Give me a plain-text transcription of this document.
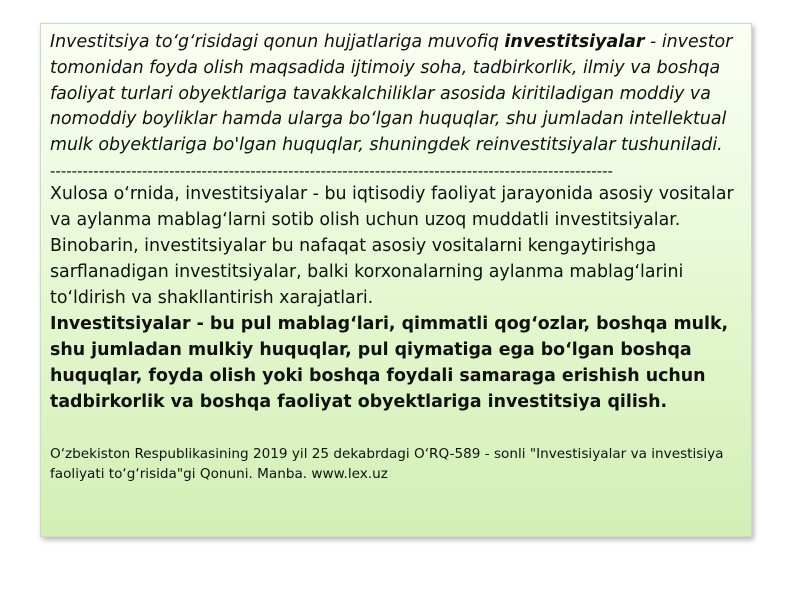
Investitsiya to‘g‘risidagi qonun hujjatlariga muvofiq investitsiyalar - investor tomonidan foyda olish maqsadida ijtimoiy soha, tadbirkorlik, ilmiy va boshqa faoliyat turlari obyektlariga tavakkalchiliklar asosida kiritiladigan moddiy va nomoddiy boyliklar hamda ularga bo‘lgan huquqlar, shu jumladan intellektual mulk obyektlariga bo'lgan huquqlar, shuningdek reinvestitsiyalar tushuniladi.

--------------------------------------------------------------------------------------------------------

Xulosa o‘rnida, investitsiyalar - bu iqtisodiy faoliyat jarayonida asosiy vositalar va aylanma mablag‘larni sotib olish uchun uzoq muddatli investitsiyalar. Binobarin, investitsiyalar bu nafaqat asosiy vositalarni kengaytirishga sarflanadigan investitsiyalar, balki korxonalarning aylanma mablag‘larini to‘ldirish va shakllantirish xarajatlari.

Investitsiyalar - bu pul mablag‘lari, qimmatli qog‘ozlar, boshqa mulk, shu jumladan mulkiy huquqlar, pul qiymatiga ega bo‘lgan boshqa huquqlar, foyda olish yoki boshqa foydali samaraga erishish uchun tadbirkorlik va boshqa faoliyat obyektlariga investitsiya qilish.

O‘zbekiston Respublikasining 2019 yil 25 dekabrdagi O‘RQ-589 - sonli "Investisiyalar va investisiya faoliyati to‘g‘risida"gi Qonuni. Manba. www.lex.uz
